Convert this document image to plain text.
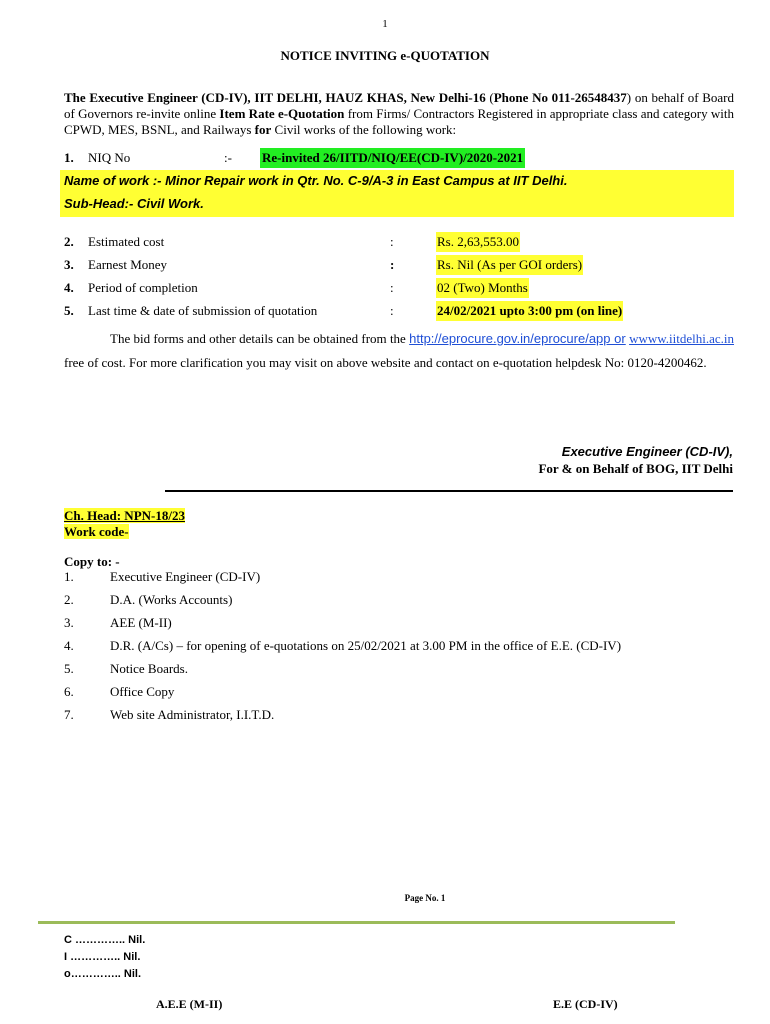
1
NOTICE INVITING e-QUOTATION
The Executive Engineer (CD-IV), IIT DELHI, HAUZ KHAS, New Delhi-16 (Phone No 011-26548437) on behalf of Board of Governors re-invite online Item Rate e-Quotation from Firms/ Contractors Registered in appropriate class and category with CPWD, MES, BSNL, and Railways for Civil works of the following work:
1. NIQ No	:- Re-invited 26/IITD/NIQ/EE(CD-IV)/2020-2021
Name of work :- Minor Repair work in Qtr. No. C-9/A-3 in East Campus at IIT Delhi.
Sub-Head:- Civil Work.
2. Estimated cost	:	Rs. 2,63,553.00
3. Earnest Money	:	Rs. Nil (As per GOI orders)
4. Period of completion	:	02 (Two) Months
5. Last time & date of submission of quotation	:	24/02/2021 upto 3:00 pm (on line)
The bid forms and other details can be obtained from the http://eprocure.gov.in/eprocure/app or wwww.iitdelhi.ac.in free of cost. For more clarification you may visit on above website and contact on e-quotation helpdesk No: 0120-4200462.
Executive Engineer (CD-IV),
For & on Behalf of BOG, IIT Delhi
Ch. Head: NPN-18/23
Work code-
Copy to: -
1.	Executive Engineer (CD-IV)
2.	D.A. (Works Accounts)
3.	AEE (M-II)
4.	D.R. (A/Cs) – for opening of e-quotations on 25/02/2021 at 3.00 PM in the office of E.E. (CD-IV)
5.	Notice Boards.
6.	Office Copy
7.	Web site Administrator, I.I.T.D.
Page No. 1
C ………….. Nil.
I ………….. Nil.
o………….. Nil.
A.E.E (M-II)	E.E (CD-IV)
